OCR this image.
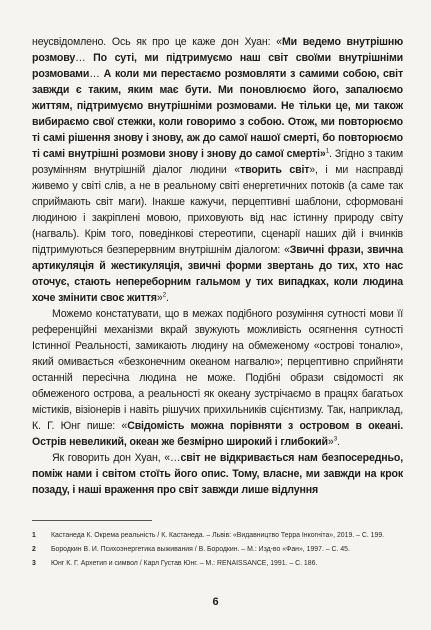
неусвідомлено. Ось як про це каже дон Хуан: «Ми ведемо внутрішню розмову… По суті, ми підтримуємо наш світ своїми внутрішніми розмовами… А коли ми перестаємо розмовляти з самими собою, світ завжди є таким, яким має бути. Ми поновлюємо його, запалюємо життям, підтримуємо внутрішніми розмовами. Не тільки це, ми також вибираємо свої стежки, коли говоримо з собою. Отож, ми повторюємо ті самі рішення знову і знову, аж до самої нашої смерті, бо повторюємо ті самі внутрішні розмови знову і знову до самої смерті»$^1$. Згідно з таким розумінням внутрішній діалог людини «творить світ», і ми насправді живемо у світі слів, а не в реальному світі енергетичних потоків (а саме так сприймають світ маги). Інакше кажучи, перцептивні шаблони, сформовані людиною і закріплені мовою, приховують від нас істинну природу світу (нагваль). Крім того, поведінкові стереотипи, сценарії наших дій і вчинків підтримуються безперервним внутрішнім діалогом: «Звичні фрази, звична артикуляція й жестикуляція, звичні форми звертань до тих, хто нас оточує, стають непереборним гальмом у тих випадках, коли людина хоче змінити своє життя»$^2$.

Можемо констатувати, що в межах подібного розуміння сутності мови її референційні механізми вкрай звужують можливість осягнення сутності Істинної Реальності, замикають людину на обмеженому «острові тоналю», який омивається «безконечним океаном нагвалю»; перцептивно сприйняти останній пересічна людина не може. Подібні образи свідомості як обмеженого острова, а реальності як океану зустрічаємо в працях багатьох містиків, візіонерів і навіть рішучих прихильників сцієнтизму. Так, наприклад, К. Г. Юнг пише: «Свідомість можна порівняти з островом в океані. Острів невеликий, океан же безмірно широкий і глибокий»$^3$.

Як говорить дон Хуан, «…світ не відкривається нам безпосередньо, поміж нами і світом стоїть його опис. Тому, власне, ми завжди на крок позаду, і наші враження про світ завжди лише відлуння

1	Кастанеда К. Окрема реальність / К. Кастанеда. – Львів: «Видавництво Терра Інкогніта», 2019. – С. 199.
2	Бородкин В. И. Психоэнергетика выживания / В. Бородкин. – М.: Изд-во «Фан», 1997. – С. 45.
3	Юнг К. Г. Архетип и символ / Карл Густав Юнг. – М.: RENAISSANCE, 1991. – С. 186.
6
